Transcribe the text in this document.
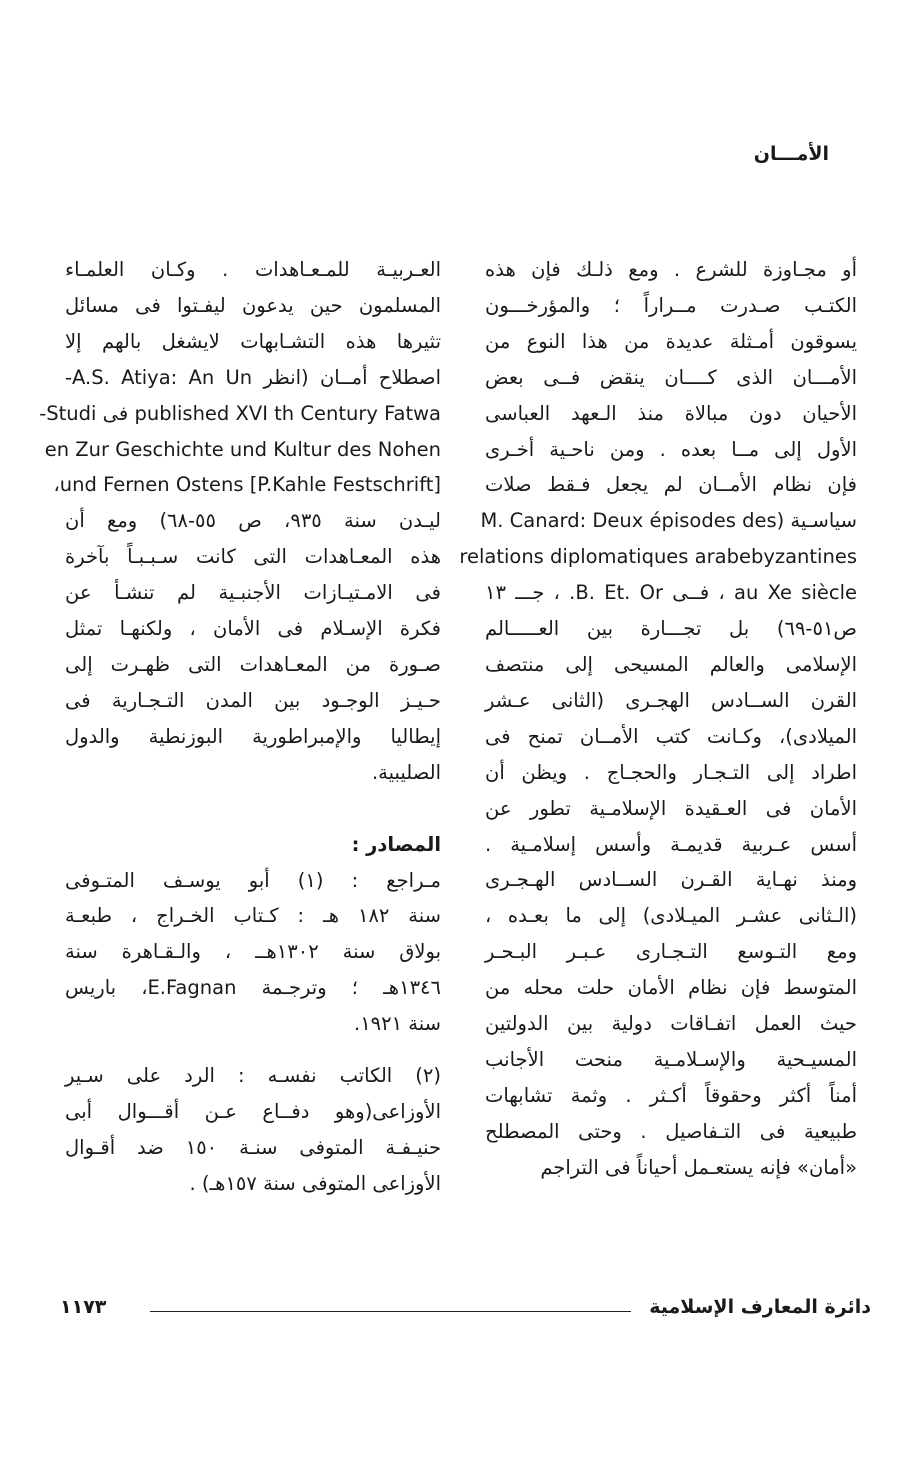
الأمـــان
أو مجـاوزة للشرع . ومع ذلـك فإن هذه
الكتـب صـدرت مــراراً ؛ والمؤرخـــون
يسوقون أمـثلة عديدة من هذا النوع من
الأمـــان الذى كــــان ينقض فــى بعض
الأحيان دون مبالاة منذ الـعهد العباسى
الأول إلى مــا بعده . ومن ناحـية أخـرى
فإن نظام الأمــان لم يجعل فـقط صلات
سياسـية (M. Canard: Deux épisodes des
relations diplomatiques arabebyzantines
au Xe siècle ، فــى B. Et. Or. ، جـــ ١٣
ص٥١-٦٩) بل تجـــارة بين العـــــالم
الإسلامى والعالم المسيحى إلى منتصف
القرن الســادس الهجـرى (الثانى عـشر
الميلادى)، وكـانت كتب الأمــان تمنح فى
اطراد إلى التـجـار والحجـاج . ويظن أن
الأمان فى العـقيدة الإسلامـية تطور عن
أسس عـربية قديمـة وأسس إسلامـية .
ومنذ نهـاية القـرن الســادس الهـجـرى
(الـثانى عشـر الميـلادى) إلى ما بعـده ،
ومع التـوسع التـجـارى عـبـر البـحـر
المتوسط فإن نظام الأمان حلت محله من
حيث العمل اتفـاقات دولية بين الدولتين
المسيـحية والإسـلامـية منحت الأجانب
أمناً أكثر وحقوقاً أكـثر . وثمة تشابهات
طبيعية فى التـفاصيل . وحتى المصطلح
«أمان» فإنه يستعـمل أحياناً فى التراجم

العـربيـة للمـعـاهدات . وكـان العلمـاء
المسلمون حين يدعون ليفـتوا فى مسائل
تثيرها هذه التشـابهات لايشغل بالهم إلا
اصطلاح أمــان (انظر A.S. Atiya: An Un-
published XVI th Century Fatwa فى Studi-
en Zur Geschichte und Kultur des Nohen
und Fernen Ostens [P.Kahle Festschrift]،
ليـدن سنة ٩٣٥، ص ٥٥-٦٨) ومع أن
هذه المعـاهدات التى كانت سـبـبـاً بآخرة
فى الامـتيـازات الأجنبـية لم تنشـأ عن
فكرة الإسـلام فى الأمان ، ولكنهـا تمثل
صـورة من المعـاهدات التى ظهـرت إلى
حـيـز الوجـود بين المدن التـجـارية فى
إيطاليا والإمبراطورية البوزنطية والدول
الصليبية.

المصادر :

مـراجع : (١) أبو يوسـف المتـوفى
سنة ١٨٢ هـ : كـتاب الخـراج ، طبعـة
بولاق سنة ١٣٠٢هــ ، والـقـاهرة سنة
١٣٤٦هـ ؛ وترجـمة E.Fagnan، باريس
سنة ١٩٢١.

(٢) الكاتب نفسـه : الرد على سـير
الأوزاعى(وهو دفــاع عـن أقـــوال أبى
حنيـفـة المتوفى سنـة ١٥٠ ضد أقـوال
الأوزاعى المتوفى سنة ١٥٧هـ) .

دائرة المعارف الإسلامية
١١٧٣
